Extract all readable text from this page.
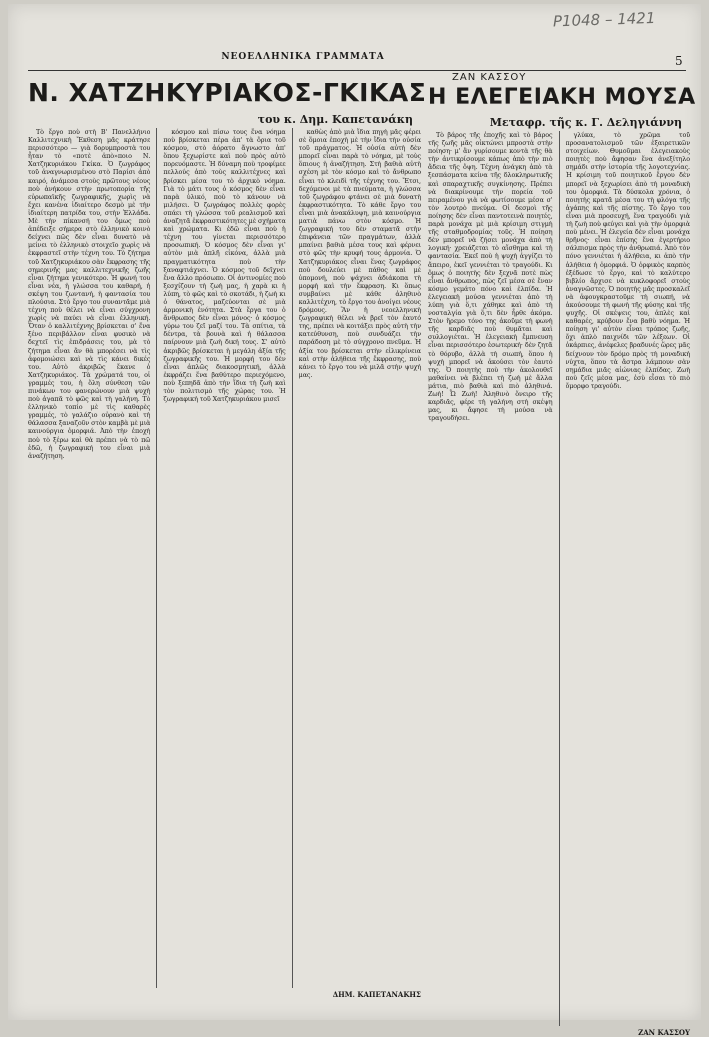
Ρ1048 – 1421
ΝΕΟΕΛΛΗΝΙΚΑ ΓΡΑΜΜΑΤΑ	5
Ν. ΧΑΤΖΗΚΥΡΙΑΚΟΣ-ΓΚΙΚΑΣ
του κ. Δημ. Καπετανάκη

Τὸ ἔργο ποὺ στὴ Β' Πανελλήνιο Καλλιτεχνικὴ Ἔκθεση μᾶς κράτησε περισσότερο — γιὰ δορυμπροστὰ του ἦταν τὸ «ποτὲ ἀπὸ»ποιο Ν. Χατζηκυριάκου Γκίκα. Ὁ ζωγράφος τοῦ ἀναγνωρισμένου στὸ Παρίσι ἀπὸ καιρό, ἀνάμεσα στοὺς πρῶτους νέους ποὺ ἀνήκουν στὴν πρωτοπορία τῆς εὐρωπαϊκῆς ζωγραφικῆς, χωρὶς νὰ ἔχει κανένα ἰδιαίτερο δεσμὸ μὲ τὴν ἰδιαίτερη πατρίδα του, στὴν Ἑλλάδα. Μὲ τὴν πίκανσή του ὅμως ποὺ ἀπέδειξε σήμερα στὸ ἑλληνικὸ κοινὸ δείχνει πῶς δὲν εἶναι δυνατὸ νὰ μείνει τὸ ἑλληνικὸ στοιχεῖο χωρὶς νὰ ἐκφραστεῖ στὴν τέχνη του. Τὸ ζήτημα τοῦ Χατζηκυριάκου σὰν ἔκφρασης τῆς σημερινῆς μας καλλιτεχνικῆς ζωῆς εἶναι ζήτημα γενικότερο. Ἡ φωνή του εἶναι νέα, ἡ γλώσσα του καθαρή, ἡ σκέψη του ζωντανή, ἡ φαντασία του πλούσια. Στὸ ἔργο του συναντᾶμε μιὰ τέχνη ποὺ θέλει νὰ εἶναι σύγχρονη χωρὶς νὰ παύει νὰ εἶναι ἑλληνική. Ὅταν ὁ καλλιτέχνης βρίσκεται σ' ἕνα ξένο περιβάλλον εἶναι φυσικὸ νὰ δεχτεῖ τὶς ἐπιδράσεις του, μὰ τὸ ζήτημα εἶναι ἂν θὰ μπορέσει νὰ τὶς ἀφομοιώσει καὶ νὰ τὶς κάνει δικές του. Αὐτὸ ἀκριβῶς ἔκανε ὁ Χατζηκυριάκος. Τὰ χρώματά του, οἱ γραμμές του, ἡ ὅλη σύνθεση τῶν πινάκων του φανερώνουν μιὰ ψυχὴ ποὺ ἀγαπᾶ τὸ φῶς καὶ τὴ γαλήνη. Τὸ ἑλληνικὸ τοπίο μὲ τὶς καθαρὲς γραμμές, τὸ γαλάζιο οὐρανὸ καὶ τὴ θάλασσα ξαναζοῦν στὸν καμβὰ μὲ μιὰ καινούργια ὀμορφιά. Ἀπὸ τὴν ἐποχὴ ποὺ τὸ ξέρω καὶ θὰ πρέπει νὰ τὸ πῶ ἐδῶ, ἡ ζωγραφική του εἶναι μιὰ ἀναζήτηση.

κόσμου καὶ πίσω τους ἕνα νόημα ποὺ βρίσκεται πέρα ἀπ' τὰ ὅρια τοῦ κόσμου, στὸ ἀόρατο ἄγνωστο ἀπ' ὅπου ξεχωρίστε καὶ ποὺ πρὸς αὐτὸ πορευόμαστε. Ἡ δύναμη ποὺ τροφίμεε πελλούς ἀπὸ τοὺς καλλιτέχνες καὶ βρίσκει μέσα του τὸ ἀρχικὸ νόημα. Γιὰ τὸ μάτι τους ὁ κόσμος δὲν εἶναι παρὰ ὑλικό, ποὺ τὸ κάνουν νὰ μιλήσει. Ὁ ζωγράφος πολλὲς φορὲς σπάει τὴ γλώσσα τοῦ ρεαλισμοῦ καὶ ἀναζητᾶ ἐκφραστικότητες μὲ σχήματα καὶ χρώματα. Κι ἐδῶ εἶναι ποὺ ἡ τέχνη του γίνεται περισσότερο προσωπική. Ὁ κόσμος δὲν εἶναι γι' αὐτὸν μιὰ ἁπλῆ εἰκόνα, ἀλλὰ μιὰ πραγματικότητα ποὺ τὴν ξαναφτιάχνει. Ὁ κόσμος τοῦ δεῖχνει ἕνα ἄλλο πρόσωπο. Οἱ ἀντινομίες ποὺ ξεσχίζουν τὴ ζωὴ μας, ἡ χαρὰ κι ἡ λύπη, τὸ φῶς καὶ τὸ σκοτάδι, ἡ ζωὴ κι ὁ θάνατος, μαζεύονται σὲ μιὰ ἁρμονικὴ ἑνότητα. Στὰ ἔργα του ὁ ἄνθρωπος δὲν εἶναι μόνος· ὁ κόσμος γύρω του ζεῖ μαζί του. Τὰ σπίτια, τὰ δέντρα, τὰ βουνὰ καὶ ἡ θάλασσα παίρνουν μιὰ ζωὴ δική τους. Σ' αὐτὸ ἀκριβῶς βρίσκεται ἡ μεγάλη ἀξία τῆς ζωγραφικῆς του. Ἡ μορφή του δὲν εἶναι ἁπλῶς διακοσμητική, ἀλλὰ ἐκφράζει ἕνα βαθύτερο περιεχόμενο, ποὺ ξεπηδᾶ ἀπὸ τὴν ἴδια τὴ ζωὴ καὶ τὸν πολιτισμὸ τῆς χώρας του. Ἡ ζωγραφική τοῦ Χατζηκυριάκου μισεῖ

καθὼς ἀπὸ μιὰ ἴδια πηγὴ μᾶς φέρει σὲ ὅμοια ἐποχὴ μὲ τὴν ἴδια τὴν οὐσία τοῦ πράγματος. Ἡ οὐσία αὐτὴ δὲν μπορεῖ εἶναι παρὰ τὸ νόημα, μὲ τοὺς ὅπιους ἡ ἀναζήτηση. Στὴ βαθιὰ αὐτὴ σχέση μὲ τὸν κόσμο καὶ τὸ ἄνθρωπο εἶναι τὸ κλειδὶ τῆς τέχνης του. Ἔτσι, δεχόμενοι μὲ τὰ πνεύματα, ἡ γλώσσα τοῦ ζωγράφου φτάνει σὲ μιὰ δυνατὴ ἐκφραστικότητα. Τὸ κάθε ἔργο του εἶναι μιὰ ἀνακάλυψη, μιὰ καινούργια ματιὰ πάνω στὸν κόσμο. Ἡ ζωγραφική του δὲν σταματᾶ στὴν ἐπιφάνεια τῶν πραγμάτων, ἀλλὰ μπαίνει βαθιὰ μέσα τους καὶ φέρνει στὸ φῶς τὴν κρυφή τους ἁρμονία. Ὁ Χατζηκυριάκος εἶναι ἕνας ζωγράφος ποὺ δουλεύει μὲ πάθος καὶ μὲ ὑπομονή, ποὺ ψάχνει ἀδιάκοπα τὴ μορφὴ καὶ τὴν ἔκφραση. Κι ὅπως συμβαίνει μὲ κάθε ἀληθινὸ καλλιτέχνη, τὸ ἔργο του ἀνοίγει νέους δρόμους. Ἂν ἡ νεοελληνικὴ ζωγραφικὴ θέλει νὰ βρεῖ τὸν ἑαυτό της, πρέπει νὰ κοιτάξει πρὸς αὐτὴ τὴν κατεύθυνση, ποὺ συνδυάζει τὴν παράδοση μὲ τὸ σύγχρονο πνεῦμα. Ἡ ἀξία του βρίσκεται στὴν εἰλικρίνεια καὶ στὴν ἀλήθεια τῆς ἔκφρασης, ποὺ κάνει τὸ ἔργο του νὰ μιλᾶ στὴν ψυχή μας.

ΔΗΜ. ΚΑΠΕΤΑΝΑΚΗΣ
ΖΑΝ ΚΑΣΣΟΥ
Η ΕΛΕΓΕΙΑΚΗ ΜΟΥΣΑ
Μεταφρ. τῆς κ. Γ. Δεληγιάννη

Τὸ βάρος τῆς ἐποχῆς καὶ τὸ βάρος τῆς ζωῆς μᾶς οἰκτώνει μπροστὰ στὴν ποίηση· μ' ἂν γυρίσουμε κοντὰ τῆς θὰ τὴν ἀντικρίσουμε κάπως ἀπὸ τὴν πιὸ ἄδεια τῆς ὄψη. Τέχνη ἀνάγκη ἀπὸ τὰ ξεσπάσματα κείνα τῆς δλοκληρωτικῆς καὶ σπαραχτικῆς συγκίνησης. Πρέπει νὰ διακρίνουμε τὴν πορεία τοῦ πειραμένου γιὰ νὰ φωτίσουμε μέσα σ' τὸν λουτρὸ πνεύμα. Οἱ δεσμοὶ τῆς ποίησης δὲν εἶναι παντοτεινὰ ποιητές, παρὰ μονάχα μὲ μιὰ κρίσιμη στιγμὴ τῆς σταθμοδρομίας τοῦς. Ἡ ποίηση δὲν μπορεῖ νὰ ζήσει μονάχα ἀπὸ τὴ λογική· χρειάζεται τὸ αἴσθημα καὶ τὴ φαντασία. Ἐκεῖ ποὺ ἡ ψυχὴ ἀγγίζει τὸ ἄπειρο, ἐκεῖ γεννιέται τὸ τραγούδι. Κι ὅμως ὁ ποιητὴς δὲν ξεχνᾶ ποτὲ πὼς εἶναι ἄνθρωπος, πὼς ζεῖ μέσα σὲ ἕναν κόσμο γεμάτο πόνο καὶ ἐλπίδα. Ἡ ἐλεγειακὴ μούσα γεννιέται ἀπὸ τὴ λύπη γιὰ ὅ,τι χάθηκε καὶ ἀπὸ τὴ νοσταλγία γιὰ ὅ,τι δὲν ἦρθε ἀκόμα. Στὸν ἥρεμο τόνο της ἀκοῦμε τὴ φωνὴ τῆς καρδιᾶς ποὺ θυμᾶται καὶ συλλογιέται. Ἡ ἐλεγειακὴ ἔμπνευση εἶναι περισσότερο ἐσωτερική· δὲν ζητᾶ τὸ θόρυβο, ἀλλὰ τὴ σιωπή, ὅπου ἡ ψυχὴ μπορεῖ νὰ ἀκούσει τὸν ἑαυτό της. Ὁ ποιητὴς ποὺ τὴν ἀκολουθεῖ μαθαίνει νὰ βλέπει τὴ ζωὴ μὲ ἄλλα μάτια, πιὸ βαθιὰ καὶ πιὸ ἀληθινά. Ζωὴ! Ὦ Ζωὴ! Ἀληθινὸ ὄνειρο τῆς καρδιᾶς, φέρε τὴ γαλήνη στὴ σκέψη μας, κι ἄφησε τὴ μούσα νὰ τραγουδήσει.

γλύκα, τὸ χρῶμα τοῦ προσανατολισμοῦ τῶν ἐξαιρετικῶν στοιχείων. Θυμοῦμαι ἐλεγειακοὺς ποιητὲς ποὺ ἄφησαν ἕνα ἀνεξίτηλο σημάδι στὴν ἱστορία τῆς λογοτεχνίας. Ἡ κρίσιμη τοῦ ποιητικοῦ ἔργου δὲν μπορεῖ νὰ ξεχωρίσει ἀπὸ τὴ μοναδικὴ του ὁμορφιά. Τὰ δύσκολα χρόνια, ὁ ποιητὴς κρατᾶ μέσα του τὴ φλόγα τῆς ἀγάπης καὶ τῆς πίστης. Τὸ ἔργο του εἶναι μιὰ προσευχή, ἕνα τραγούδι γιὰ τὴ ζωὴ ποὺ φεύγει καὶ γιὰ τὴν ὀμορφιὰ ποὺ μένει. Ἡ ἐλεγεία δὲν εἶναι μονάχα θρῆνος· εἶναι ἐπίσης ἕνα ἐγερτήριο σάλπισμα πρὸς τὴν ἀνθρωπιά. Ἀπὸ τὸν πόνο γεννιέται ἡ ἀλήθεια, κι ἀπὸ τὴν ἀλήθεια ἡ ὀμορφιά. Ὁ ὀρφικὸς καρπὸς ἐξέδωσε τὸ ἔργο, καὶ τὸ καλύτερο βιβλίο ἄρχισε νὰ κυκλοφορεῖ στοὺς ἀναγνῶστες. Ὁ ποιητὴς μᾶς προσκαλεῖ νὰ ἀφουγκραστοῦμε τὴ σιωπή, νὰ ἀκούσουμε τὴ φωνὴ τῆς φύσης καὶ τῆς ψυχῆς. Οἱ σκέψεις του, ἁπλὲς καὶ καθαρές, κρύβουν ἕνα βαθὺ νόημα. Ἡ ποίηση γι' αὐτὸν εἶναι τρόπος ζωῆς, ὄχι ἁπλὸ παιχνίδι τῶν λέξεων. Οἱ ὀκάρπιες, ἀνέφελες βραδυνές ὥρες μᾶς δείχνουν τὸν δρόμο πρὸς τὴ μοναδική νύχτα, ὅπου τὰ ἄστρα λάμπουν σὰν σημάδια μιᾶς αἰώνιας ἐλπίδας. Ζωὴ ποὺ ζεῖς μέσα μας, ἐσὺ εἶσαι τὸ πιὸ ὄμορφο τραγούδι.

ΖΑΝ ΚΑΣΣΟΥ
